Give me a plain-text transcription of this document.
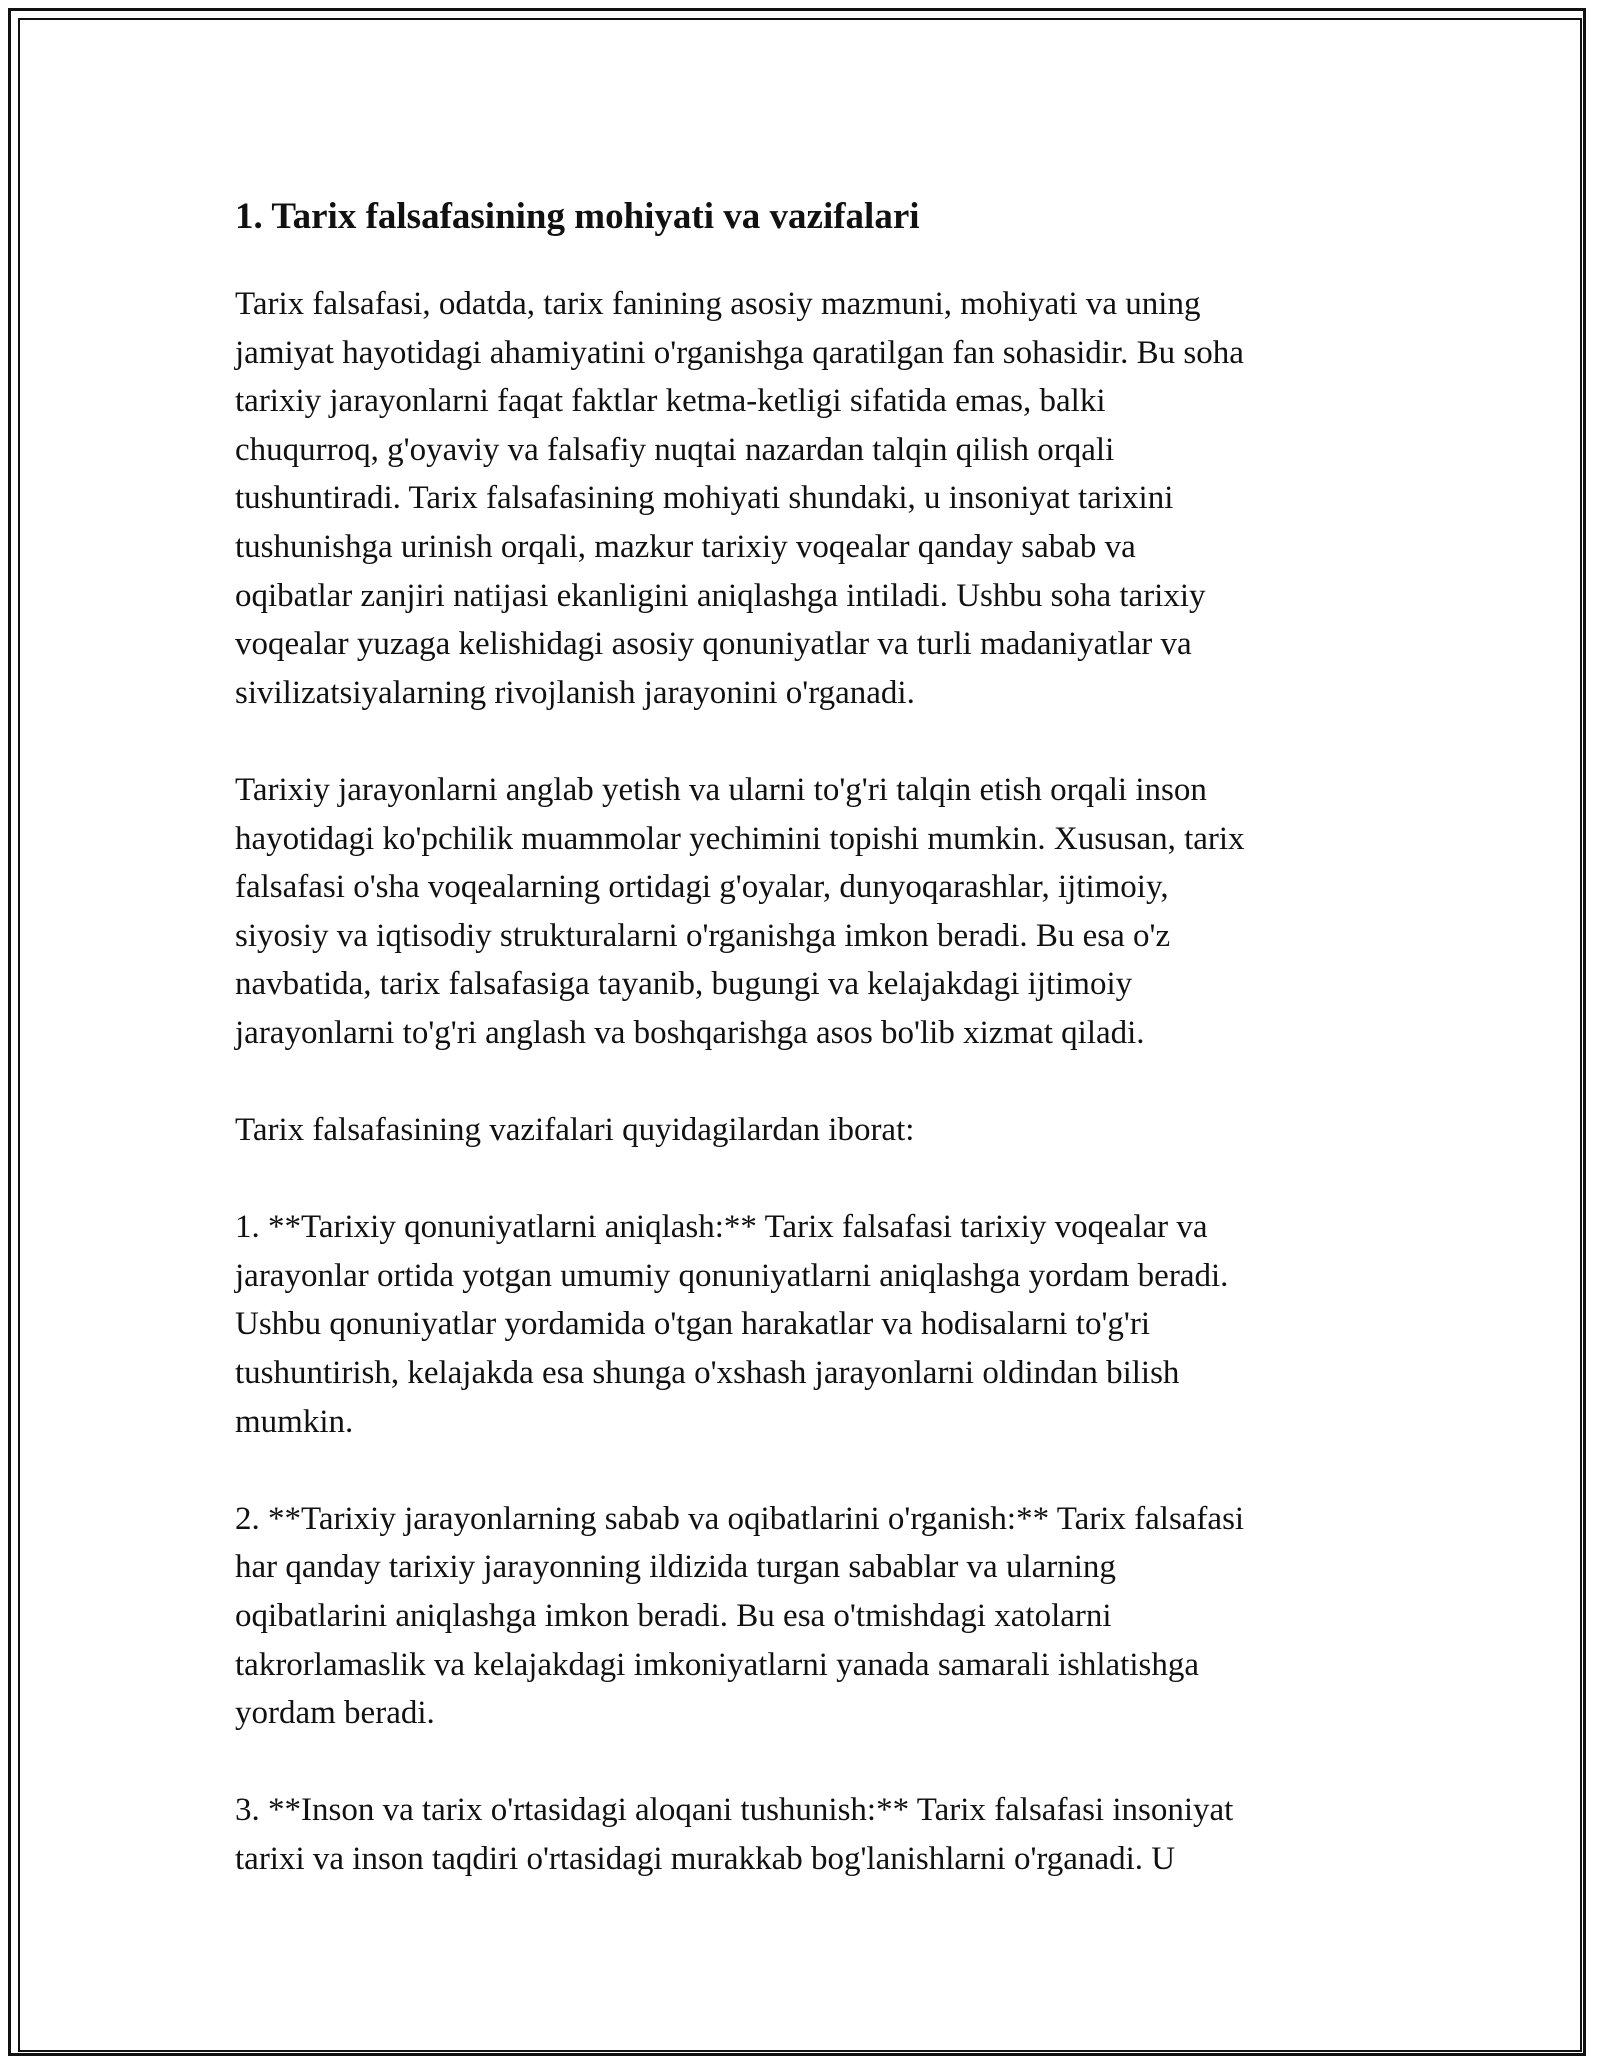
1. Tarix falsafasining mohiyati va vazifalari

Tarix falsafasi, odatda, tarix fanining asosiy mazmuni, mohiyati va uning
jamiyat hayotidagi ahamiyatini o'rganishga qaratilgan fan sohasidir. Bu soha
tarixiy jarayonlarni faqat faktlar ketma-ketligi sifatida emas, balki
chuqurroq, g'oyaviy va falsafiy nuqtai nazardan talqin qilish orqali
tushuntiradi. Tarix falsafasining mohiyati shundaki, u insoniyat tarixini
tushunishga urinish orqali, mazkur tarixiy voqealar qanday sabab va
oqibatlar zanjiri natijasi ekanligini aniqlashga intiladi. Ushbu soha tarixiy
voqealar yuzaga kelishidagi asosiy qonuniyatlar va turli madaniyatlar va
sivilizatsiyalarning rivojlanish jarayonini o'rganadi.

Tarixiy jarayonlarni anglab yetish va ularni to'g'ri talqin etish orqali inson
hayotidagi ko'pchilik muammolar yechimini topishi mumkin. Xususan, tarix
falsafasi o'sha voqealarning ortidagi g'oyalar, dunyoqarashlar, ijtimoiy,
siyosiy va iqtisodiy strukturalarni o'rganishga imkon beradi. Bu esa o'z
navbatida, tarix falsafasiga tayanib, bugungi va kelajakdagi ijtimoiy
jarayonlarni to'g'ri anglash va boshqarishga asos bo'lib xizmat qiladi.

Tarix falsafasining vazifalari quyidagilardan iborat:

1. **Tarixiy qonuniyatlarni aniqlash:** Tarix falsafasi tarixiy voqealar va
jarayonlar ortida yotgan umumiy qonuniyatlarni aniqlashga yordam beradi.
Ushbu qonuniyatlar yordamida o'tgan harakatlar va hodisalarni to'g'ri
tushuntirish, kelajakda esa shunga o'xshash jarayonlarni oldindan bilish
mumkin.

2. **Tarixiy jarayonlarning sabab va oqibatlarini o'rganish:** Tarix falsafasi
har qanday tarixiy jarayonning ildizida turgan sabablar va ularning
oqibatlarini aniqlashga imkon beradi. Bu esa o'tmishdagi xatolarni
takrorlamaslik va kelajakdagi imkoniyatlarni yanada samarali ishlatishga
yordam beradi.

3. **Inson va tarix o'rtasidagi aloqani tushunish:** Tarix falsafasi insoniyat
tarixi va inson taqdiri o'rtasidagi murakkab bog'lanishlarni o'rganadi. U
